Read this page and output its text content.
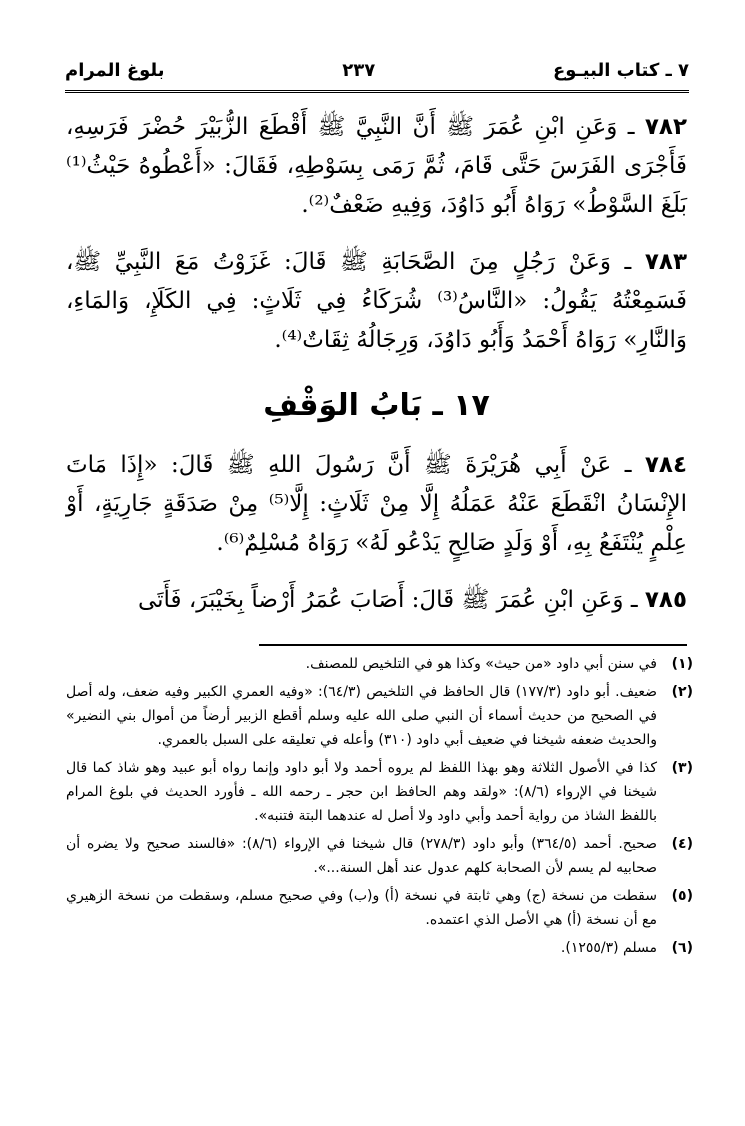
٧ ـ كتاب البيـوع
٢٣٧
بلوغ المرام

٧٨٢ ـ وَعَنِ ابْنِ عُمَرَ ﷺ أَنَّ النَّبِيَّ ﷺ أَقْطَعَ الزُّبَيْرَ حُضْرَ فَرَسِهِ، فَأَجْرَى الفَرَسَ حَتَّى قَامَ، ثُمَّ رَمَى بِسَوْطِهِ، فَقَالَ: «أَعْطُوهُ حَيْثُ⁽¹⁾ بَلَغَ السَّوْطُ» رَوَاهُ أَبُو دَاوُدَ، وَفِيهِ ضَعْفٌ⁽²⁾.

٧٨٣ ـ وَعَنْ رَجُلٍ مِنَ الصَّحَابَةِ ﷺ قَالَ: غَزَوْتُ مَعَ النَّبِيِّ ﷺ، فَسَمِعْتُهُ يَقُولُ: «النَّاسُ⁽³⁾ شُرَكَاءُ فِي ثَلَاثٍ: فِي الكَلَإِ، وَالمَاءِ، وَالنَّارِ» رَوَاهُ أَحْمَدُ وَأَبُو دَاوُدَ، وَرِجَالُهُ ثِقَاتٌ⁽⁴⁾.

١٧ ـ بَابُ الوَقْفِ

٧٨٤ ـ عَنْ أَبِي هُرَيْرَةَ ﷺ أَنَّ رَسُولَ اللهِ ﷺ قَالَ: «إِذَا مَاتَ الإِنْسَانُ انْقَطَعَ عَنْهُ عَمَلُهُ إِلَّا مِنْ ثَلَاثٍ: إِلَّا⁽⁵⁾ مِنْ صَدَقَةٍ جَارِيَةٍ، أَوْ عِلْمٍ يُنْتَفَعُ بِهِ، أَوْ وَلَدٍ صَالِحٍ يَدْعُو لَهُ» رَوَاهُ مُسْلِمٌ⁽⁶⁾.

٧٨٥ ـ وَعَنِ ابْنِ عُمَرَ ﷺ قَالَ: أَصَابَ عُمَرُ أَرْضاً بِخَيْبَرَ، فَأَتَى

(١)
في سنن أبي داود «من حيث» وكذا هو في التلخيص للمصنف.
(٢)
ضعيف. أبو داود (١٧٧/٣) قال الحافظ في التلخيص (٦٤/٣): «وفيه العمري الكبير وفيه ضعف، وله أصل في الصحيح من حديث أسماء أن النبي صلى الله عليه وسلم أقطع الزبير أرضاً من أموال بني النضير» والحديث ضعفه شيخنا في ضعيف أبي داود (٣١٠) وأعله في تعليقه على السبل بالعمري.
(٣)
كذا في الأصول الثلاثة وهو بهذا اللفظ لم يروه أحمد ولا أبو داود وإنما رواه أبو عبيد وهو شاذ كما قال شيخنا في الإرواء (٨/٦): «ولقد وهم الحافظ ابن حجر ـ رحمه الله ـ فأورد الحديث في بلوغ المرام باللفظ الشاذ من رواية أحمد وأبي داود ولا أصل له عندهما البتة فتنبه».
(٤)
صحيح. أحمد (٣٦٤/٥) وأبو داود (٢٧٨/٣) قال شيخنا في الإرواء (٨/٦): «فالسند صحيح ولا يضره أن صحابيه لم يسم لأن الصحابة كلهم عدول عند أهل السنة...».
(٥)
سقطت من نسخة (ج) وهي ثابتة في نسخة (أ) و(ب) وفي صحيح مسلم، وسقطت من نسخة الزهيري مع أن نسخة (أ) هي الأصل الذي اعتمده.
(٦)
مسلم (١٢٥٥/٣).
